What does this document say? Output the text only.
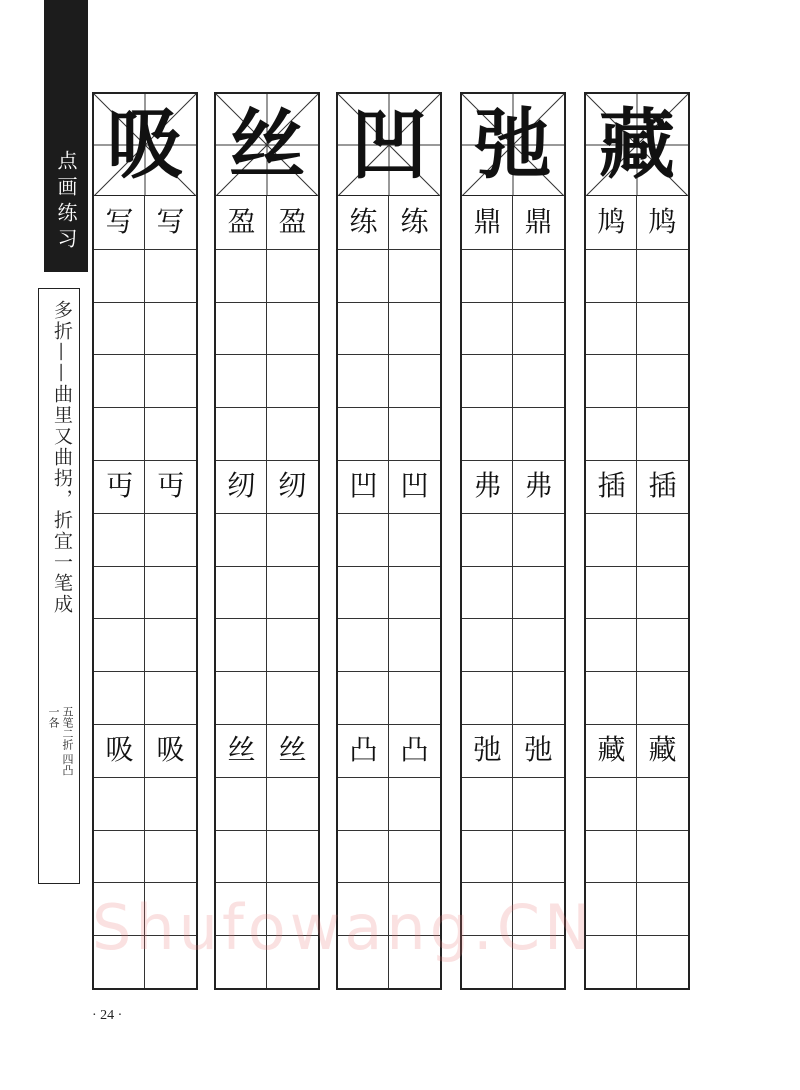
点画练习
多折——曲里又曲拐，折宜一笔成
五笔二折 四凸一各
吸
写 写
丏 丏
吸 吸
丝
盈 盈
纫 纫
丝 丝
凹
练 练
凹 凹
凸 凸
弛
鼎 鼎
弗 弗
弛 弛
藏
鸠 鸠
插 插
藏 藏
Shufowang.CN
· 24 ·
